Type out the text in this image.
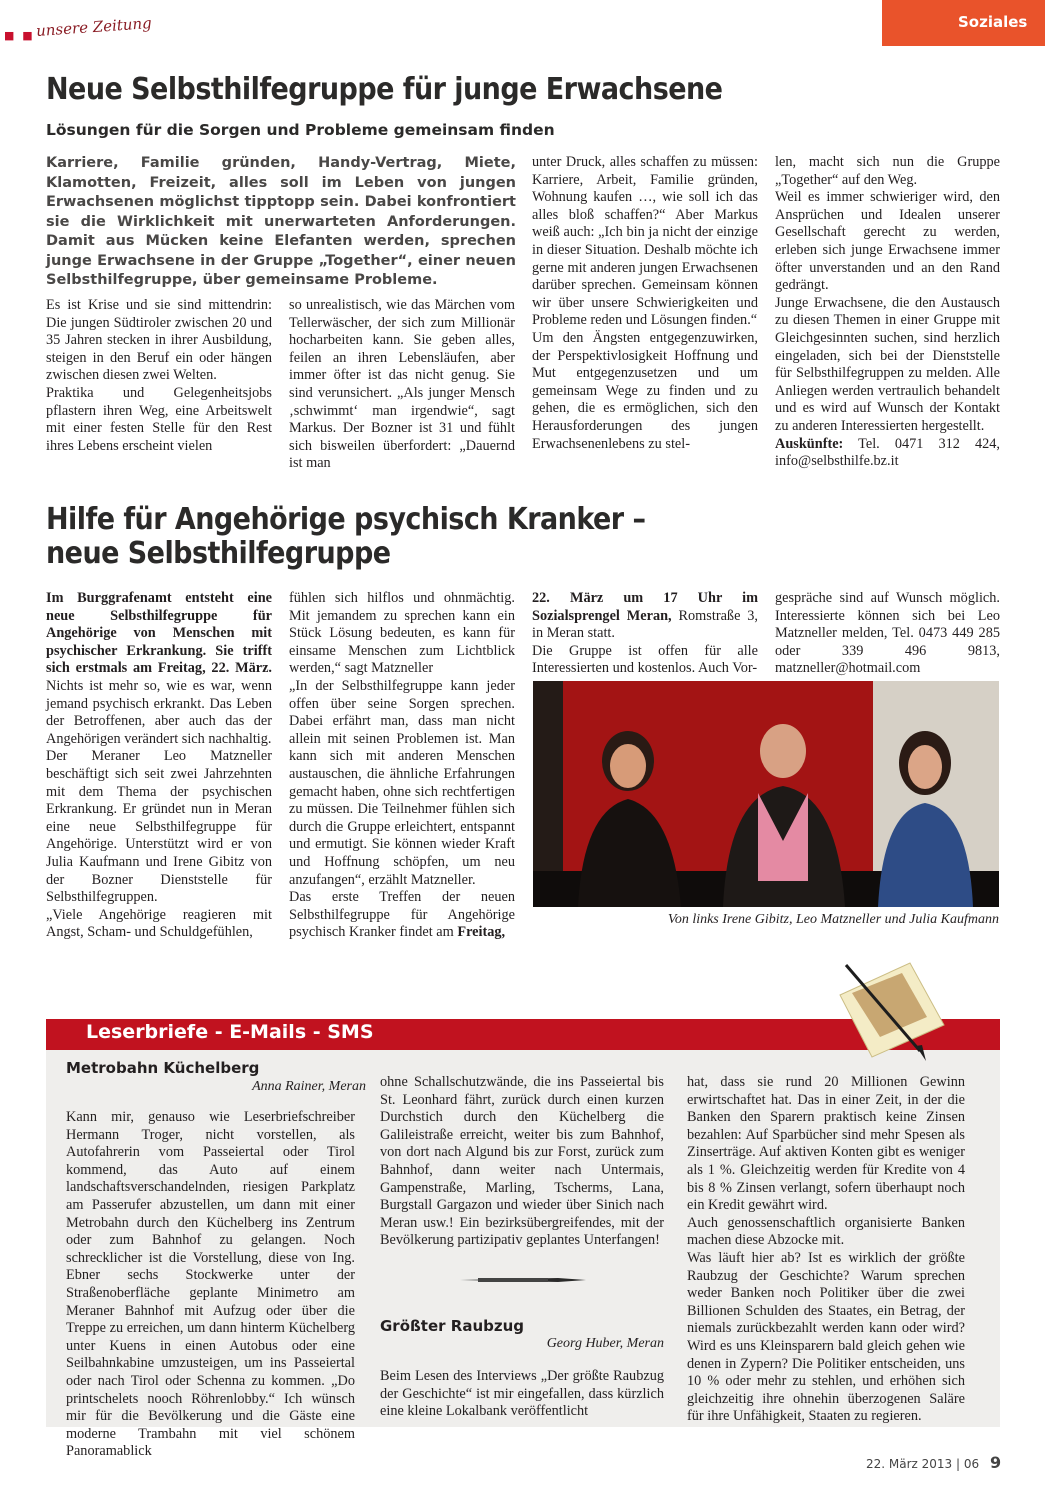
■ ■ unsere Zeitung	Soziales
Neue Selbsthilfegruppe für junge Erwachsene
Lösungen für die Sorgen und Probleme gemeinsam finden
Karriere, Familie gründen, Handy-Vertrag, Miete, Klamotten, Freizeit, alles soll im Leben von jungen Erwachsenen möglichst tipptopp sein. Dabei konfrontiert sie die Wirklichkeit mit unerwarteten Anforderungen. Damit aus Mücken keine Elefanten werden, sprechen junge Erwachsene in der Gruppe „Together“, einer neuen Selbsthilfegruppe, über gemeinsame Probleme.
Es ist Krise und sie sind mittendrin: Die jungen Südtiroler zwischen 20 und 35 Jahren stecken in ihrer Ausbildung, steigen in den Beruf ein oder hängen zwischen diesen zwei Welten.
Praktika und Gelegenheitsjobs pflastern ihren Weg, eine Arbeitswelt mit einer festen Stelle für den Rest ihres Lebens erscheint vielen
so unrealistisch, wie das Märchen vom Tellerwäscher, der sich zum Millionär hocharbeiten kann. Sie geben alles, feilen an ihren Lebensläufen, aber immer öfter ist das nicht genug. Sie sind verunsichert. „Als junger Mensch ‚schwimmt‘ man irgendwie“, sagt Markus. Der Bozner ist 31 und fühlt sich bisweilen überfordert: „Dauernd ist man
unter Druck, alles schaffen zu müssen: Karriere, Arbeit, Familie gründen, Wohnung kaufen …, wie soll ich das alles bloß schaffen?“ Aber Markus weiß auch: „Ich bin ja nicht der einzige in dieser Situation. Deshalb möchte ich gerne mit anderen jungen Erwachsenen darüber sprechen. Gemeinsam können wir über unsere Schwierigkeiten und Probleme reden und Lösungen finden.“
Um den Ängsten entgegenzuwirken, der Perspektivlosigkeit Hoffnung und Mut entgegenzusetzen und um gemeinsam Wege zu finden und zu gehen, die es ermöglichen, sich den Herausforderungen des jungen Erwachsenenlebens zu stel-
len, macht sich nun die Gruppe „Together“ auf den Weg.
Weil es immer schwieriger wird, den Ansprüchen und Idealen unserer Gesellschaft gerecht zu werden, erleben sich junge Erwachsene immer öfter unverstanden und an den Rand gedrängt.
Junge Erwachsene, die den Austausch zu diesen Themen in einer Gruppe mit Gleichgesinnten suchen, sind herzlich eingeladen, sich bei der Dienststelle für Selbsthilfegruppen zu melden. Alle Anliegen werden vertraulich behandelt und es wird auf Wunsch der Kontakt zu anderen Interessierten hergestellt.
Auskünfte: Tel. 0471 312 424, info@selbsthilfe.bz.it
Hilfe für Angehörige psychisch Kranker –
neue Selbsthilfegruppe
Im Burggrafenamt entsteht eine neue Selbsthilfegruppe für Angehörige von Menschen mit psychischer Erkrankung. Sie trifft sich erstmals am Freitag, 22. März. Nichts ist mehr so, wie es war, wenn jemand psychisch erkrankt. Das Leben der Betroffenen, aber auch das der Angehörigen verändert sich nachhaltig.
Der Meraner Leo Matzneller beschäftigt sich seit zwei Jahrzehnten mit dem Thema der psychischen Erkrankung. Er gründet nun in Meran eine neue Selbsthilfegruppe für Angehörige. Unterstützt wird er von Julia Kaufmann und Irene Gibitz von der Bozner Dienststelle für Selbsthilfegruppen.
„Viele Angehörige reagieren mit Angst, Scham- und Schuldgefühlen,
fühlen sich hilflos und ohnmächtig. Mit jemandem zu sprechen kann ein Stück Lösung bedeuten, es kann für einsame Menschen zum Lichtblick werden,“ sagt Matzneller
„In der Selbsthilfegruppe kann jeder offen über seine Sorgen sprechen. Dabei erfährt man, dass man nicht allein mit seinen Problemen ist. Man kann sich mit anderen Menschen austauschen, die ähnliche Erfahrungen gemacht haben, ohne sich rechtfertigen zu müssen. Die Teilnehmer fühlen sich durch die Gruppe erleichtert, entspannt und ermutigt. Sie können wieder Kraft und Hoffnung schöpfen, um neu anzufangen“, erzählt Matzneller.
Das erste Treffen der neuen Selbsthilfegruppe für Angehörige psychisch Kranker findet am Freitag,
22. März um 17 Uhr im Sozialsprengel Meran, Romstraße 3, in Meran statt.
Die Gruppe ist offen für alle Interessierten und kostenlos. Auch Vor-
gespräche sind auf Wunsch möglich. Interessierte können sich bei Leo Matzneller melden, Tel. 0473 449 285 oder 339 496 9813, matzneller@hotmail.com
Von links Irene Gibitz, Leo Matzneller und Julia Kaufmann
Leserbriefe - E-Mails - SMS
Metrobahn Küchelberg
Anna Rainer, Meran
Kann mir, genauso wie Leserbriefschreiber Hermann Troger, nicht vorstellen, als Autofahrerin vom Passeiertal oder Tirol kommend, das Auto auf einem landschaftsverschandelnden, riesigen Parkplatz am Passerufer abzustellen, um dann mit einer Metrobahn durch den Küchelberg ins Zentrum oder zum Bahnhof zu gelangen. Noch schrecklicher ist die Vorstellung, diese von Ing. Ebner sechs Stockwerke unter der Straßenoberfläche geplante Minimetro am Meraner Bahnhof mit Aufzug oder über die Treppe zu erreichen, um dann hinterm Küchelberg unter Kuens in einen Autobus oder eine Seilbahnkabine umzusteigen, um ins Passeiertal oder nach Tirol oder Schenna zu kommen. „Do printschelets nooch Röhrenlobby.“ Ich wünsch mir für die Bevölkerung und die Gäste eine moderne Trambahn mit viel schönem Panoramablick
ohne Schallschutzwände, die ins Passeiertal bis St. Leonhard fährt, zurück durch einen kurzen Durchstich durch den Küchelberg die Galileistraße erreicht, weiter bis zum Bahnhof, von dort nach Algund bis zur Forst, zurück zum Bahnhof, dann weiter nach Untermais, Gampenstraße, Marling, Tscherms, Lana, Burgstall Gargazon und wieder über Sinich nach Meran usw.! Ein bezirksübergreifendes, mit der Bevölkerung partizipativ geplantes Unterfangen!
Größter Raubzug
Georg Huber, Meran
Beim Lesen des Interviews „Der größte Raubzug der Geschichte“ ist mir eingefallen, dass kürzlich eine kleine Lokalbank veröffentlicht
hat, dass sie rund 20 Millionen Gewinn erwirtschaftet hat. Das in einer Zeit, in der die Banken den Sparern praktisch keine Zinsen bezahlen: Auf Sparbücher sind mehr Spesen als Zinserträge. Auf aktiven Konten gibt es weniger als 1 %. Gleichzeitig werden für Kredite von 4 bis 8 % Zinsen verlangt, sofern überhaupt noch ein Kredit gewährt wird.
Auch genossenschaftlich organisierte Banken machen diese Abzocke mit.
Was läuft hier ab? Ist es wirklich der größte Raubzug der Geschichte? Warum sprechen weder Banken noch Politiker über die zwei Billionen Schulden des Staates, ein Betrag, der niemals zurückbezahlt werden kann oder wird? Wird es uns Kleinsparern bald gleich gehen wie denen in Zypern? Die Politiker entscheiden, uns 10 % oder mehr zu stehlen, und erhöhen sich gleichzeitig ihre ohnehin überzogenen Saläre für ihre Unfähigkeit, Staaten zu regieren.
22. März 2013 | 06 9
